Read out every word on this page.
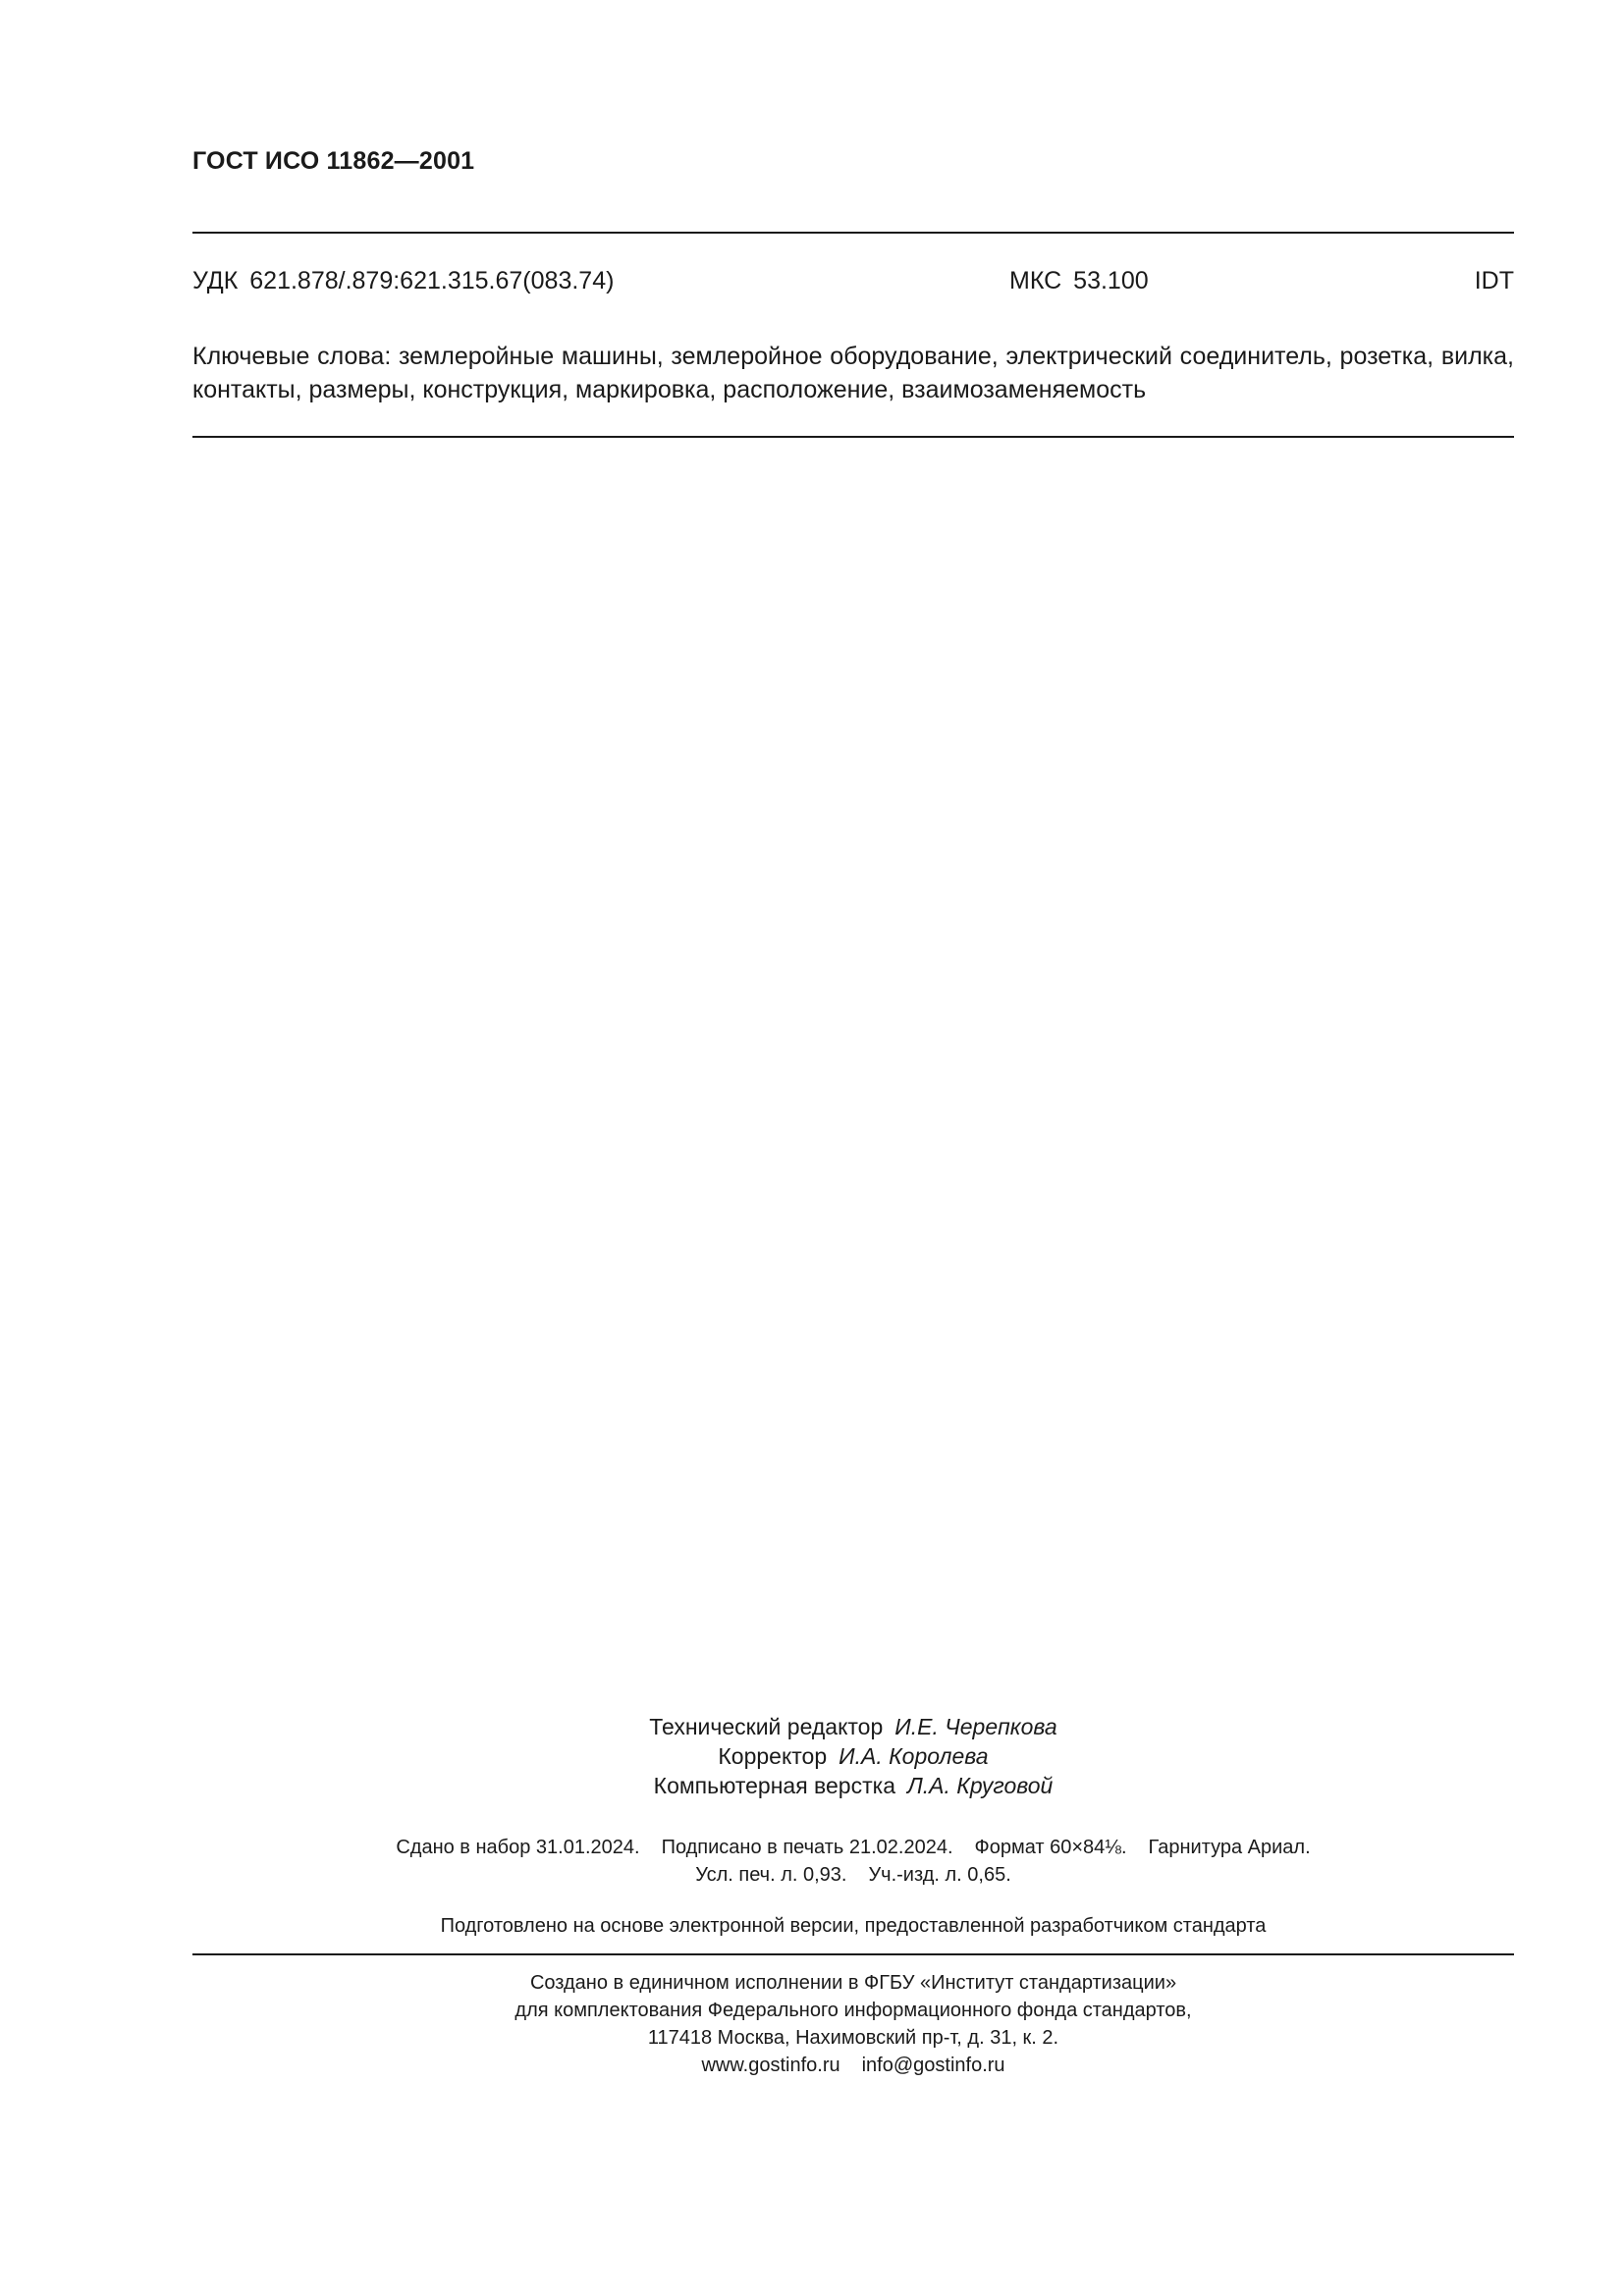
ГОСТ ИСО 11862—2001
УДК 621.878/.879:621.315.67(083.74)	МКС 53.100	IDT
Ключевые слова: землеройные машины, землеройное оборудование, электрический соединитель, розетка, вилка, контакты, размеры, конструкция, маркировка, расположение, взаимозаменяемость
Технический редактор И.Е. Черепкова
Корректор И.А. Королева
Компьютерная верстка Л.А. Круговой
Сдано в набор 31.01.2024. Подписано в печать 21.02.2024. Формат 60×84⅛. Гарнитура Ариал.
Усл. печ. л. 0,93. Уч.-изд. л. 0,65.
Подготовлено на основе электронной версии, предоставленной разработчиком стандарта
Создано в единичном исполнении в ФГБУ «Институт стандартизации»
для комплектования Федерального информационного фонда стандартов,
117418 Москва, Нахимовский пр-т, д. 31, к. 2.
www.gostinfo.ru info@gostinfo.ru
